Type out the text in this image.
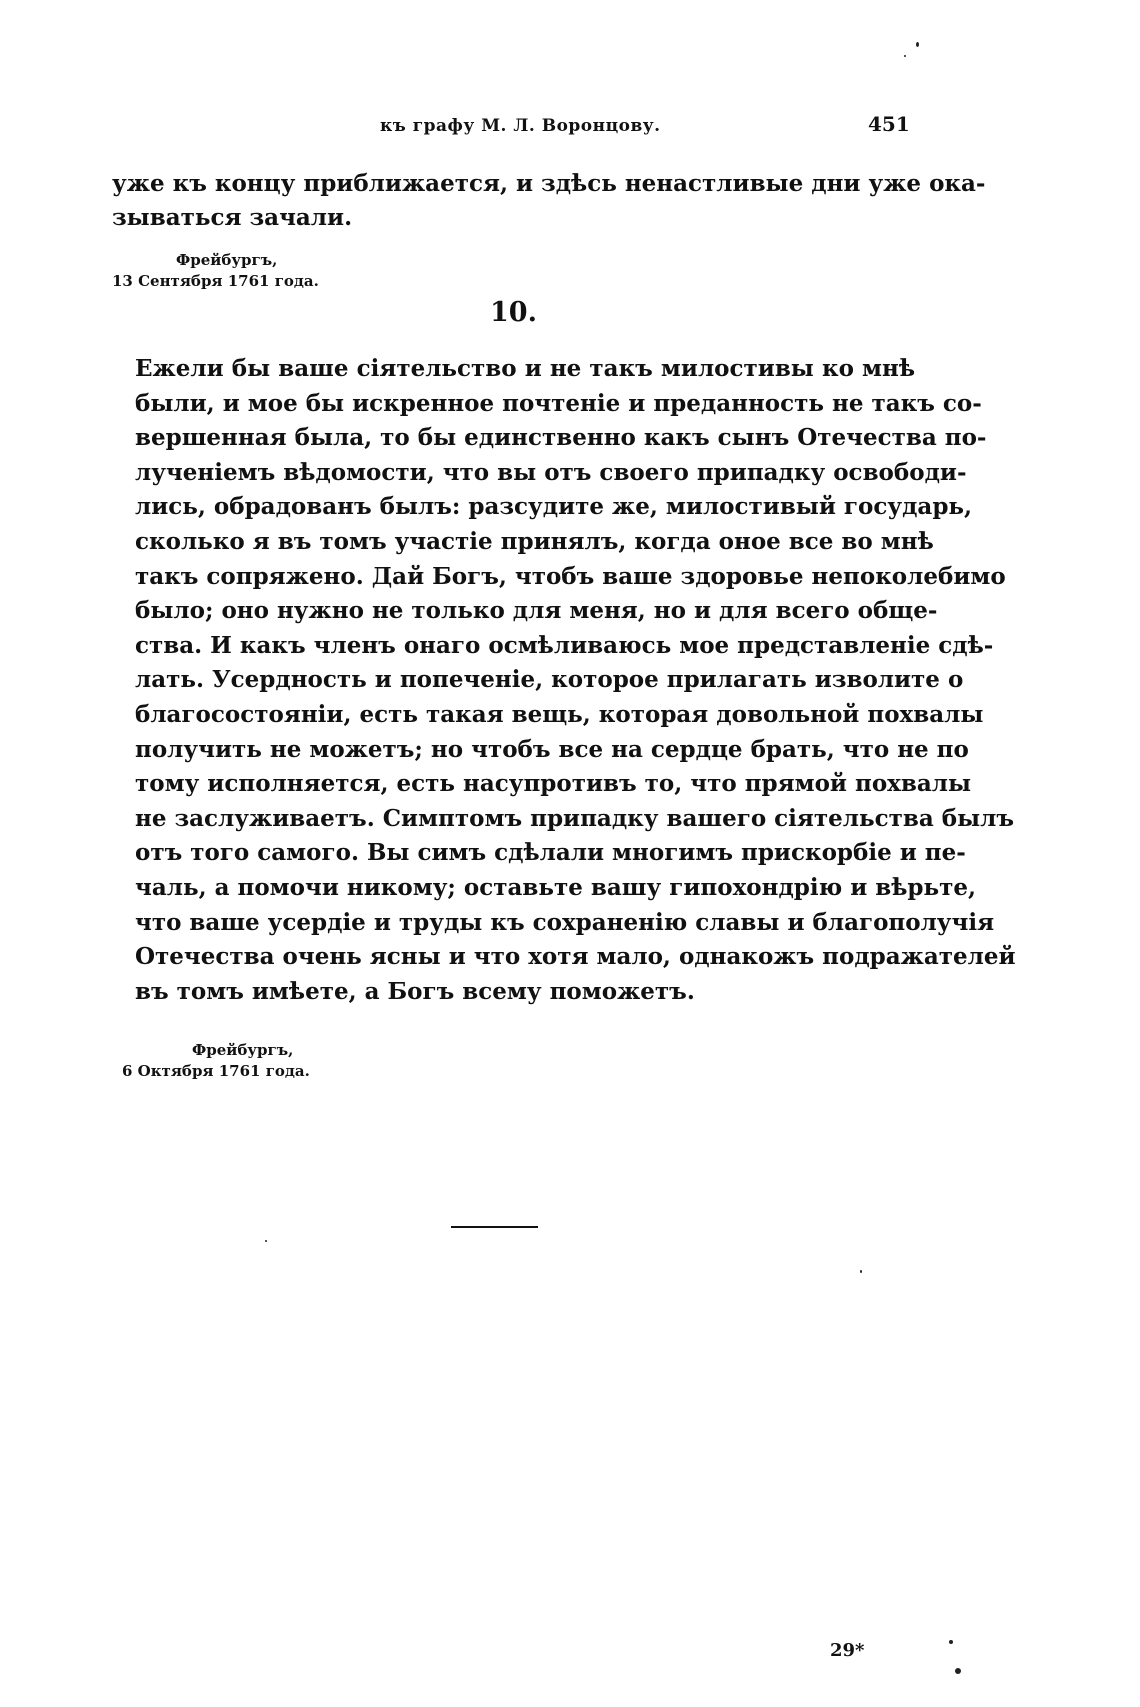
къ графу М. Л. Воронцову.	451
уже къ концу приближается, и здѣсь ненастливые дни уже ока-
зываться зачали.
Фрейбургъ,
13 Сентября 1761 года.
10.
Ежели бы ваше сіятельство и не такъ милостивы ко мнѣ
были, и мое бы искренное почтеніе и преданность не такъ со-
вершенная была, то бы единственно какъ сынъ Отечества по-
лученіемъ вѣдомости, что вы отъ своего припадку освободи-
лись, обрадованъ былъ: разсудите же, милостивый государь,
сколько я въ томъ участіе принялъ, когда оное все во мнѣ
такъ сопряжено. Дай Богъ, чтобъ ваше здоровье непоколебимо
было; оно нужно не только для меня, но и для всего обще-
ства. И какъ членъ онаго осмѣливаюсь мое представленіе сдѣ-
лать. Усердность и попеченіе, которое прилагать изволите о
благосостояніи, есть такая вещь, которая довольной похвалы
получить не можетъ; но чтобъ все на сердце брать, что не по
тому исполняется, есть насупротивъ то, что прямой похвалы
не заслуживаетъ. Симптомъ припадку вашего сіятельства былъ
отъ того самого. Вы симъ сдѣлали многимъ прискорбіе и пе-
чаль, а помочи никому; оставьте вашу гипохондрію и вѣрьте,
что ваше усердіе и труды къ сохраненію славы и благополучія
Отечества очень ясны и что хотя мало, однакожъ подражателей
въ томъ имѣете, а Богъ всему поможетъ.
Фрейбургъ,
6 Октября 1761 года.
29*
